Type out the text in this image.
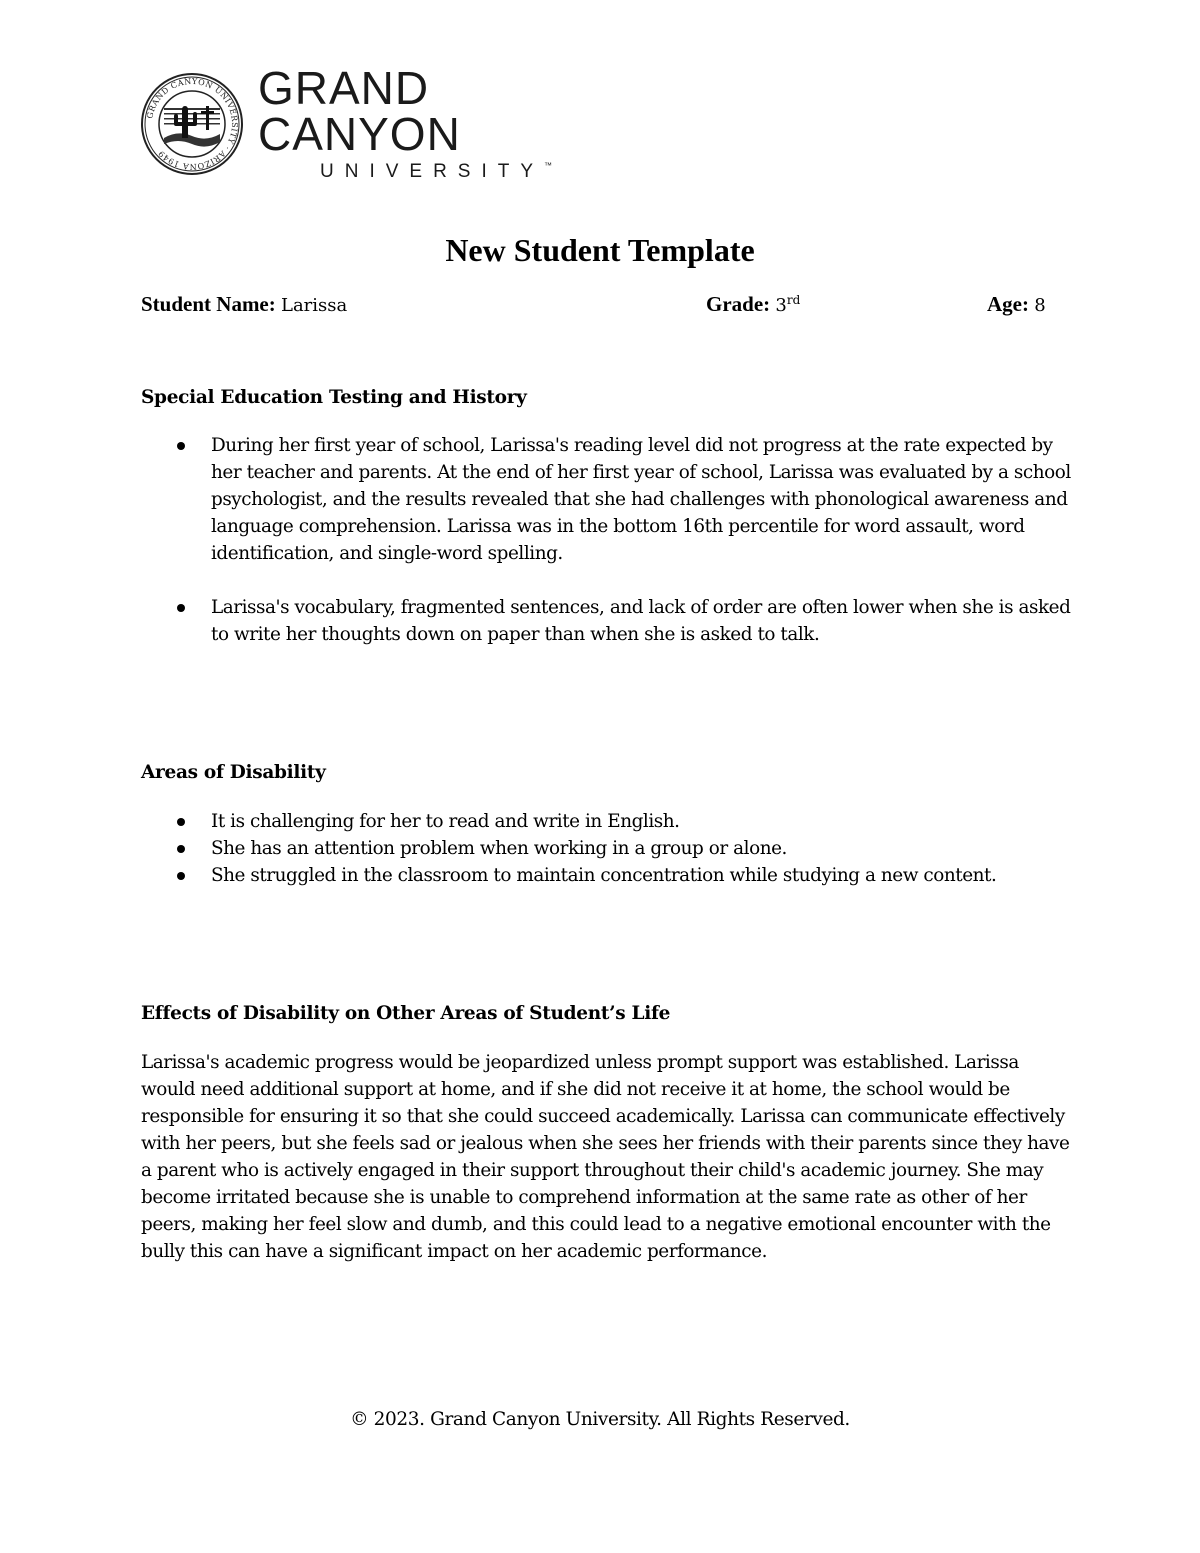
GRAND CANYON UNIVERSITY · ARIZONA 1949
GRAND CANYON
UNIVERSITY™
New Student Template
Student Name: Larissa	Grade: 3rd	Age: 8
Special Education Testing and History
During her first year of school, Larissa's reading level did not progress at the rate expected by her teacher and parents. At the end of her first year of school, Larissa was evaluated by a school psychologist, and the results revealed that she had challenges with phonological awareness and language comprehension. Larissa was in the bottom 16th percentile for word assault, word identification, and single-word spelling.
Larissa's vocabulary, fragmented sentences, and lack of order are often lower when she is asked to write her thoughts down on paper than when she is asked to talk.
Areas of Disability
It is challenging for her to read and write in English.
She has an attention problem when working in a group or alone.
She struggled in the classroom to maintain concentration while studying a new content.
Effects of Disability on Other Areas of Student’s Life
Larissa's academic progress would be jeopardized unless prompt support was established. Larissa would need additional support at home, and if she did not receive it at home, the school would be responsible for ensuring it so that she could succeed academically. Larissa can communicate effectively with her peers, but she feels sad or jealous when she sees her friends with their parents since they have a parent who is actively engaged in their support throughout their child's academic journey. She may become irritated because she is unable to comprehend information at the same rate as other of her peers, making her feel slow and dumb, and this could lead to a negative emotional encounter with the bully this can have a significant impact on her academic performance.
© 2023. Grand Canyon University. All Rights Reserved.
